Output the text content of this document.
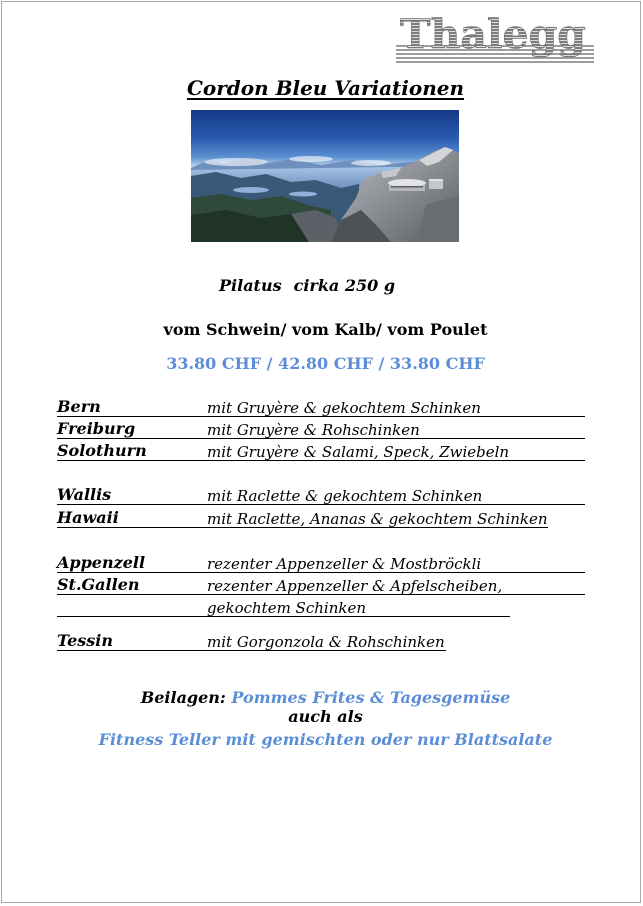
Thalegg
Cordon Bleu Variationen
Pilatus cirka 250 g
vom Schwein/ vom Kalb/ vom Poulet
33.80 CHF / 42.80 CHF / 33.80 CHF
Bern	mit Gruyère & gekochtem Schinken
Freiburg	mit Gruyère & Rohschinken
Solothurn	mit Gruyère & Salami, Speck, Zwiebeln
Wallis	mit Raclette & gekochtem Schinken
Hawaii	mit Raclette, Ananas & gekochtem Schinken
Appenzell	rezenter Appenzeller & Mostbröckli
St.Gallen	rezenter Appenzeller & Apfelscheiben,
gekochtem Schinken
Tessin	mit Gorgonzola & Rohschinken
Beilagen: Pommes Frites & Tagesgemüse
auch als
Fitness Teller mit gemischten oder nur Blattsalate
